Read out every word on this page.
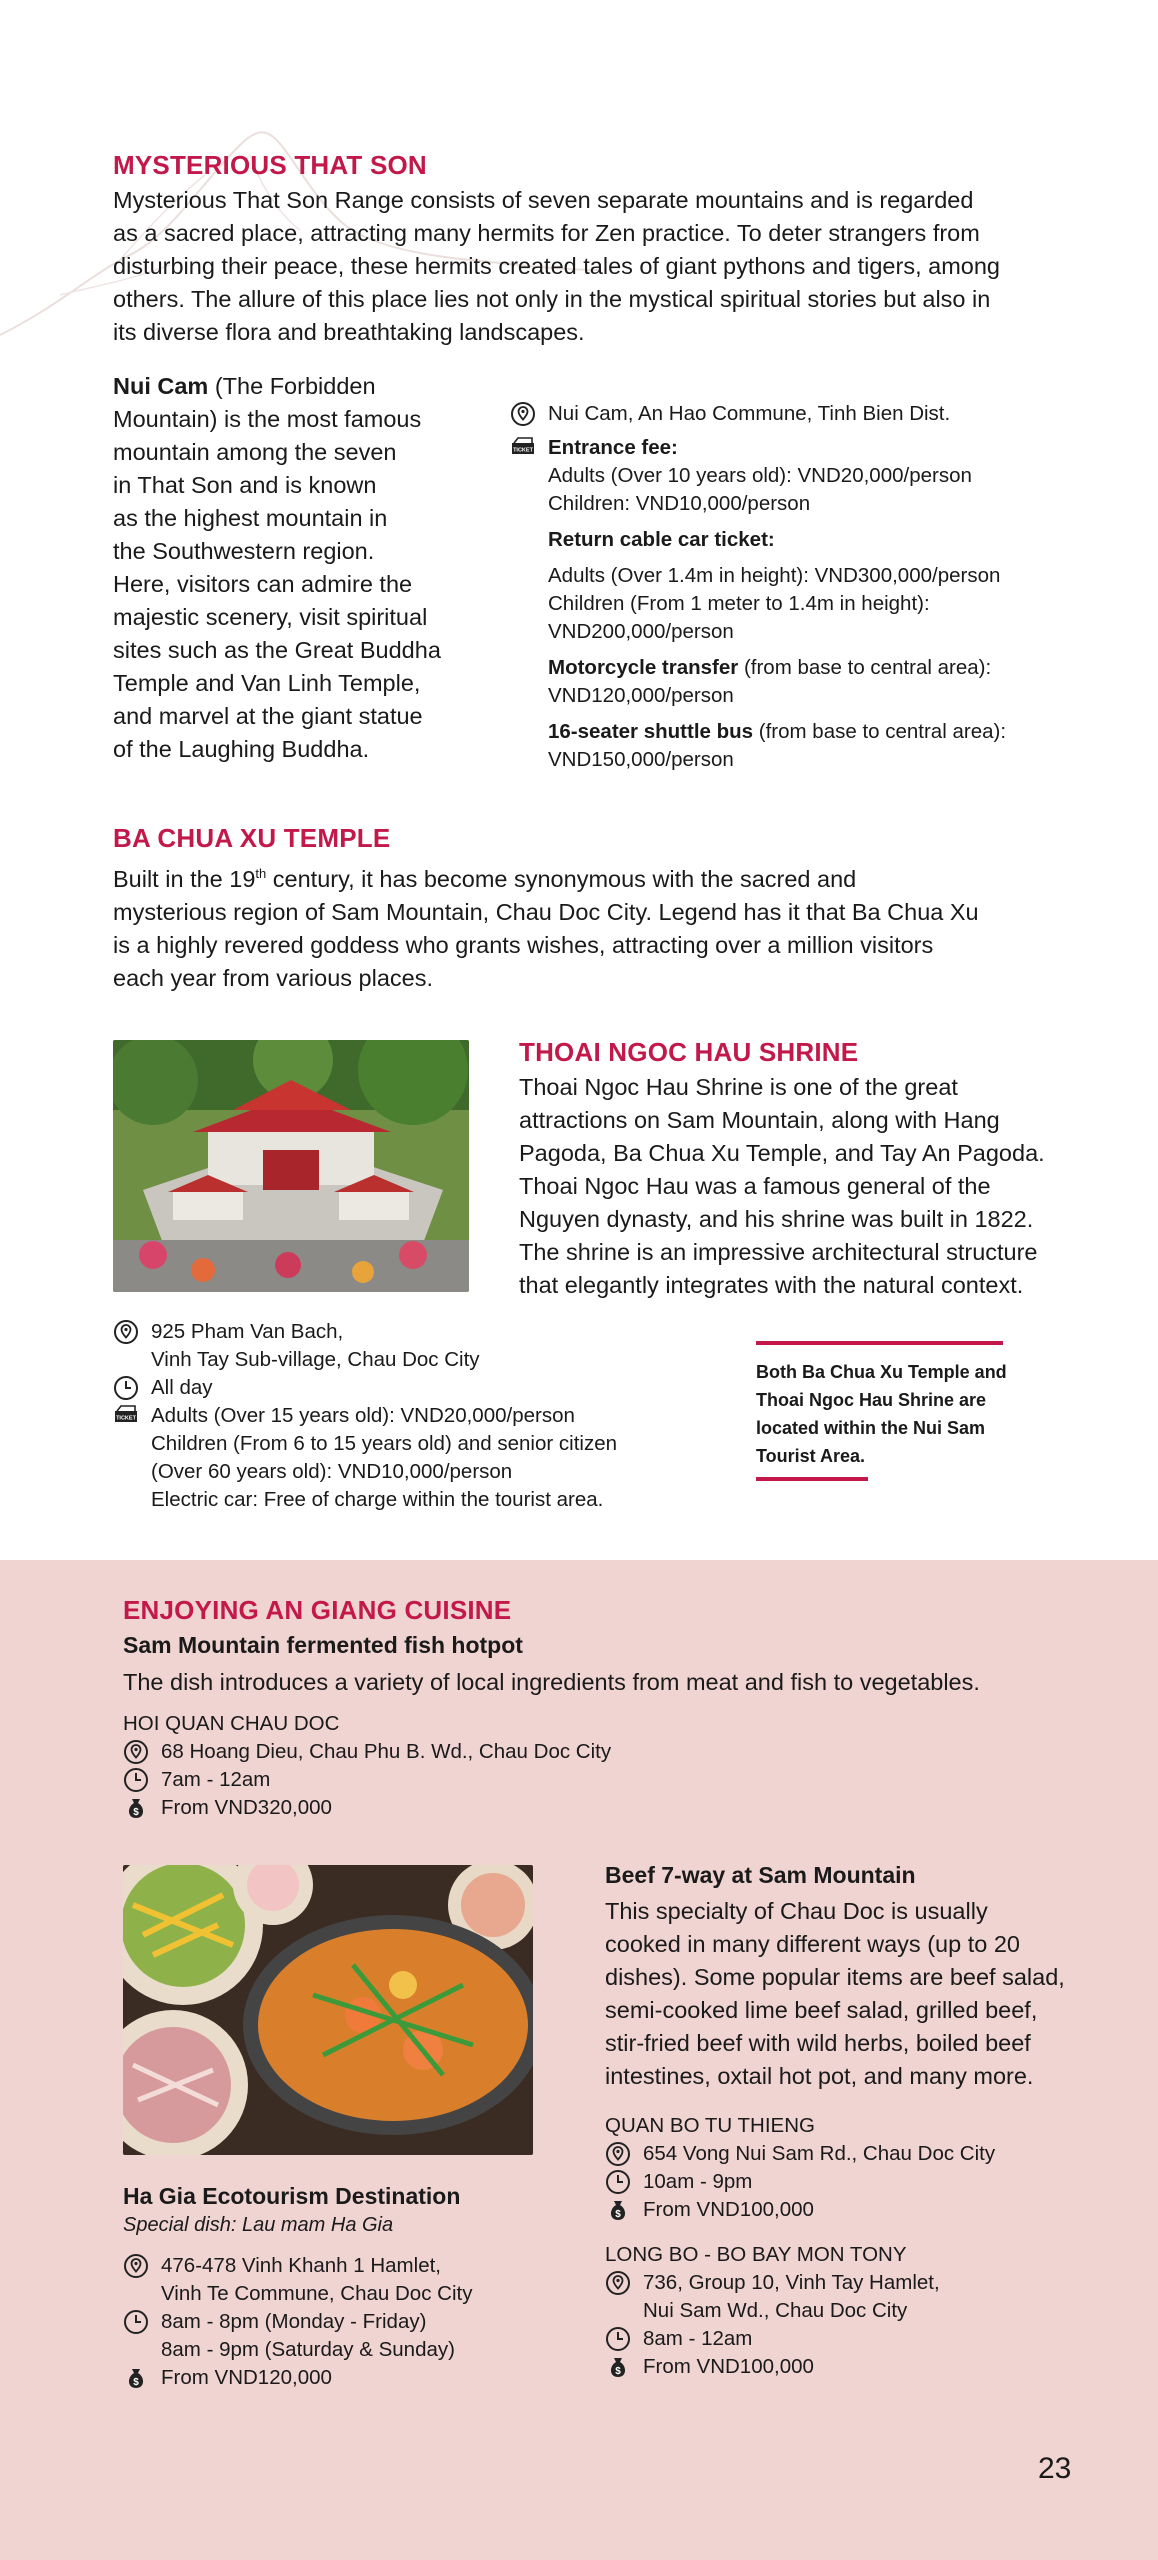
MYSTERIOUS THAT SON
Mysterious That Son Range consists of seven separate mountains and is regarded
as a sacred place, attracting many hermits for Zen practice. To deter strangers from
disturbing their peace, these hermits created tales of giant pythons and tigers, among
others. The allure of this place lies not only in the mystical spiritual stories but also in
its diverse flora and breathtaking landscapes.
Nui Cam (The Forbidden
Mountain) is the most famous
mountain among the seven
in That Son and is known
as the highest mountain in
the Southwestern region.
Here, visitors can admire the
majestic scenery, visit spiritual
sites such as the Great Buddha
Temple and Van Linh Temple,
and marvel at the giant statue
of the Laughing Buddha.
Nui Cam, An Hao Commune, Tinh Bien Dist.
TICKET Entrance fee:
Adults (Over 10 years old): VND20,000/person
Children: VND10,000/person
Return cable car ticket:
Adults (Over 1.4m in height): VND300,000/person
Children (From 1 meter to 1.4m in height):
VND200,000/person
Motorcycle transfer (from base to central area):
VND120,000/person
16-seater shuttle bus (from base to central area):
VND150,000/person
BA CHUA XU TEMPLE
Built in the 19th century, it has become synonymous with the sacred and
mysterious region of Sam Mountain, Chau Doc City. Legend has it that Ba Chua Xu
is a highly revered goddess who grants wishes, attracting over a million visitors
each year from various places.
THOAI NGOC HAU SHRINE
Thoai Ngoc Hau Shrine is one of the great
attractions on Sam Mountain, along with Hang
Pagoda, Ba Chua Xu Temple, and Tay An Pagoda.
Thoai Ngoc Hau was a famous general of the
Nguyen dynasty, and his shrine was built in 1822.
The shrine is an impressive architectural structure
that elegantly integrates with the natural context.
925 Pham Van Bach,
Vinh Tay Sub-village, Chau Doc City
All day
TICKET Adults (Over 15 years old): VND20,000/person
Children (From 6 to 15 years old) and senior citizen
(Over 60 years old): VND10,000/person
Electric car: Free of charge within the tourist area.
Both Ba Chua Xu Temple and
Thoai Ngoc Hau Shrine are
located within the Nui Sam
Tourist Area.
ENJOYING AN GIANG CUISINE
Sam Mountain fermented fish hotpot
The dish introduces a variety of local ingredients from meat and fish to vegetables.
HOI QUAN CHAU DOC
68 Hoang Dieu, Chau Phu B. Wd., Chau Doc City
7am - 12am
$ From VND320,000
Beef 7-way at Sam Mountain
This specialty of Chau Doc is usually
cooked in many different ways (up to 20
dishes). Some popular items are beef salad,
semi-cooked lime beef salad, grilled beef,
stir-fried beef with wild herbs, boiled beef
intestines, oxtail hot pot, and many more.
QUAN BO TU THIENG
654 Vong Nui Sam Rd., Chau Doc City
10am - 9pm
$ From VND100,000
LONG BO - BO BAY MON TONY
736, Group 10, Vinh Tay Hamlet,
Nui Sam Wd., Chau Doc City
8am - 12am
$ From VND100,000
Ha Gia Ecotourism Destination
Special dish: Lau mam Ha Gia
476-478 Vinh Khanh 1 Hamlet,
Vinh Te Commune, Chau Doc City
8am - 8pm (Monday - Friday)
8am - 9pm (Saturday & Sunday)
$ From VND120,000
23
